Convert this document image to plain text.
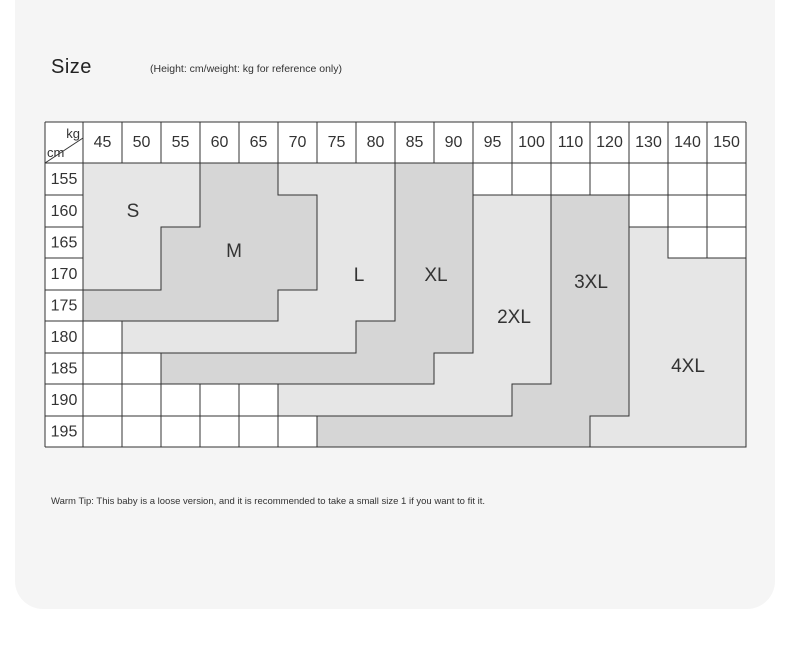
Size	(Height: cm/weight: kg for reference only)
kg
cm
S
M
L	XL
2XL
3XL
4XL
45 50 55 60 65 70 75 80 85 90 95 100 110 120 130 140 150
155
160
165
170
175
180
185
190
195
Warm Tip: This baby is a loose version, and it is recommended to take a small size 1 if you want to fit it.
